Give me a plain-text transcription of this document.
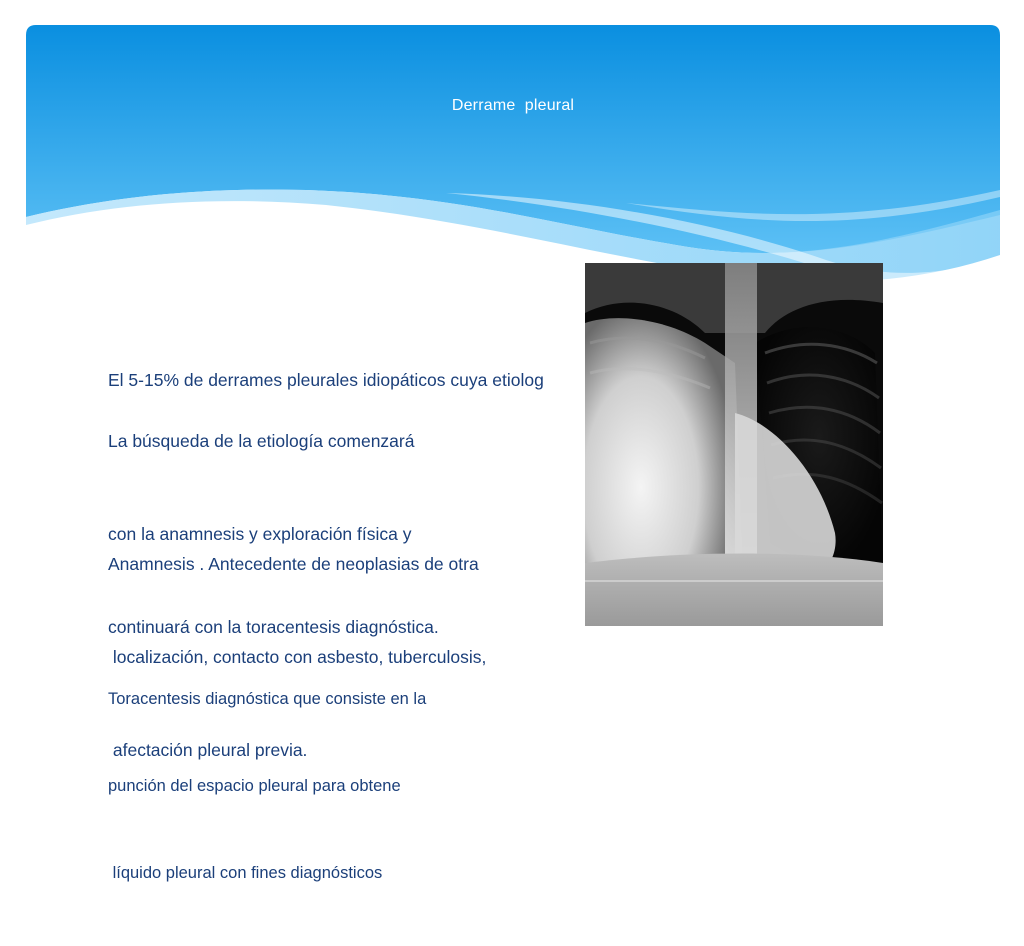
Derrame  pleural

El 5-15% de derrames pleurales idiopáticos cuya etiolog

La búsqueda de la etiología comenzará

con la anamnesis y exploración física y

continuará con la toracentesis diagnóstica.

Anamnesis . Antecedente de neoplasias de otra

localización, contacto con asbesto, tuberculosis,

afectación pleural previa.

Toracentesis diagnóstica que consiste en la

punción del espacio pleural para obtene

líquido pleural con fines diagnósticos
